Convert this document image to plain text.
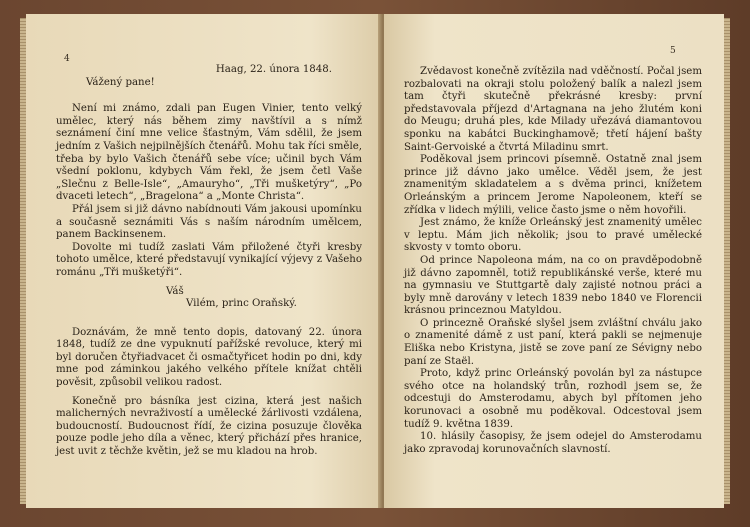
Haag, 22. února 1848.
Vážený pane!

Není mi známo, zdali pan Eugen Vinier, tento velký umělec, který nás během zimy navštívil a s nímž seznámení činí mne velice šťastným, Vám sdělil, že jsem jedním z Vašich nejpilnějších čtenářů. Mohu tak říci směle, třeba by bylo Vašich čtenářů sebe více; učinil bych Vám všední poklonu, kdybych Vám řekl, že jsem četl Vaše „Slečnu z Belle-Isle“, „Amauryho“, „Tři mušketýry“, „Po dvaceti letech“, „Bragelona“ a „Monte Christa“.

Přál jsem si již dávno nabídnouti Vám jakousi upomínku a současně seznámiti Vás s naším národním umělcem, panem Backinsenem.

Dovolte mi tudíž zaslati Vám přiložené čtyři kresby tohoto umělce, které představují vynikající výjevy z Vašeho románu „Tři mušketýři“.

Váš
Vilém, princ Oraňský.

Doznávám, že mně tento dopis, datovaný 22. února 1848, tudíž ze dne vypuknutí pařížské revoluce, který mi byl doručen čtyřiadvacet či osmačtyřicet hodin po dni, kdy mne pod záminkou jakého velkého přítele knížat chtěli pověsit, způsobil velikou radost.

Konečně pro básníka jest cizina, která jest našich malicherných nevraživostí a umělecké žárlivosti vzdálena, budoucností. Budoucnost řídí, že cizina posuzuje člověka pouze podle jeho díla a věnec, který přichází přes hranice, jest uvit z těchže květin, jež se mu kladou na hrob.

4

Zvědavost konečně zvítězila nad vděčností. Počal jsem rozbalovati na okraji stolu položený balík a nalezl jsem tam čtyři skutečně překrásné kresby: první představovala příjezd d'Artagnana na jeho žlutém koni do Meugu; druhá ples, kde Milady uřezává diamantovou sponku na kabátci Buckinghamově; třetí hájení bašty Saint-Gervoiské a čtvrtá Miladinu smrt.

Poděkoval jsem princovi písemně. Ostatně znal jsem prince již dávno jako umělce. Věděl jsem, že jest znamenitým skladatelem a s dvěma princi, knížetem Orleánským a princem Jerome Napoleonem, kteří se zřídka v lidech mýlili, velice často jsme o něm hovořili.

Jest známo, že kníže Orleánský jest znamenitý umělec v leptu. Mám jich několik; jsou to pravé umělecké skvosty v tomto oboru.

Od prince Napoleona mám, na co on pravděpodobně již dávno zapomněl, totiž republikánské verše, které mu na gymnasiu ve Stuttgartě daly zajisté notnou práci a byly mně darovány v letech 1839 nebo 1840 ve Florencii krásnou princeznou Matyldou.

O princezně Oraňské slyšel jsem zvláštní chválu jako o znamenité dámě z ust paní, která pakli se nejmenuje Eliška nebo Kristyna, jistě se zove paní ze Sévigny nebo paní ze Staël.

Proto, když princ Orleánský povolán byl za nástupce svého otce na holandský trůn, rozhodl jsem se, že odcestuji do Amsterodamu, abych byl přítomen jeho korunovaci a osobně mu poděkoval. Odcestoval jsem tudíž 9. května 1839.

10. hlásily časopisy, že jsem odejel do Amsterodamu jako zpravodaj korunovačních slavností.

5
